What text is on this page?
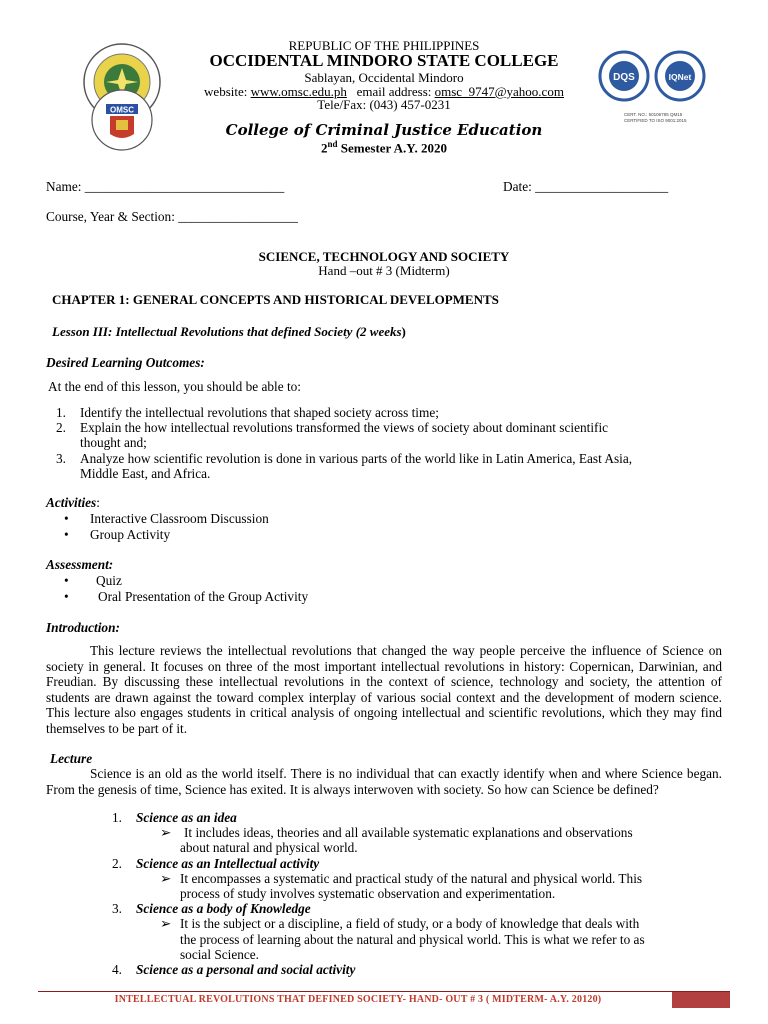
OMSC
REPUBLIC OF THE PHILIPPINES
OCCIDENTAL MINDORO STATE COLLEGE
Sablayan, Occidental Mindoro
website: www.omsc.edu.ph email address: omsc_9747@yahoo.com
Tele/Fax: (043) 457-0231
College of Criminal Justice Education
2nd Semester A.Y. 2020
DQS	IQNet
CERT. NO.: 50106785 QM15
CERTIFIED TO ISO 9001:2015
Name: ______________________________	Date: ____________________
Course, Year & Section: __________________
SCIENCE, TECHNOLOGY AND SOCIETY
Hand –out # 3 (Midterm)
CHAPTER 1: GENERAL CONCEPTS AND HISTORICAL DEVELOPMENTS
Lesson III: Intellectual Revolutions that defined Society (2 weeks)
Desired Learning Outcomes:
At the end of this lesson, you should be able to:
1. Identify the intellectual revolutions that shaped society across time;
2. Explain the how intellectual revolutions transformed the views of society about dominant scientific
thought and;
3. Analyze how scientific revolution is done in various parts of the world like in Latin America, East Asia,
Middle East, and Africa.
Activities:
• Interactive Classroom Discussion
• Group Activity
Assessment:
• Quiz
• Oral Presentation of the Group Activity
Introduction:
This lecture reviews the intellectual revolutions that changed the way people perceive the influence of Science on society in general. It focuses on three of the most important intellectual revolutions in history: Copernican, Darwinian, and Freudian. By discussing these intellectual revolutions in the context of science, technology and society, the attention of students are drawn against the toward complex interplay of various social context and the development of modern science. This lecture also engages students in critical analysis of ongoing intellectual and scientific revolutions, which they may find themselves to be part of it.
Lecture
Science is an old as the world itself. There is no individual that can exactly identify when and where Science began. From the genesis of time, Science has exited. It is always interwoven with society. So how can Science be defined?
1. Science as an idea
➢ It includes ideas, theories and all available systematic explanations and observations
about natural and physical world.
2. Science as an Intellectual activity
➢ It encompasses a systematic and practical study of the natural and physical world. This
process of study involves systematic observation and experimentation.
3. Science as a body of Knowledge
➢ It is the subject or a discipline, a field of study, or a body of knowledge that deals with
the process of learning about the natural and physical world. This is what we refer to as
social Science.
4. Science as a personal and social activity
INTELLECTUAL REVOLUTIONS THAT DEFINED SOCIETY- HAND- OUT # 3 ( MIDTERM- A.Y. 20120)
